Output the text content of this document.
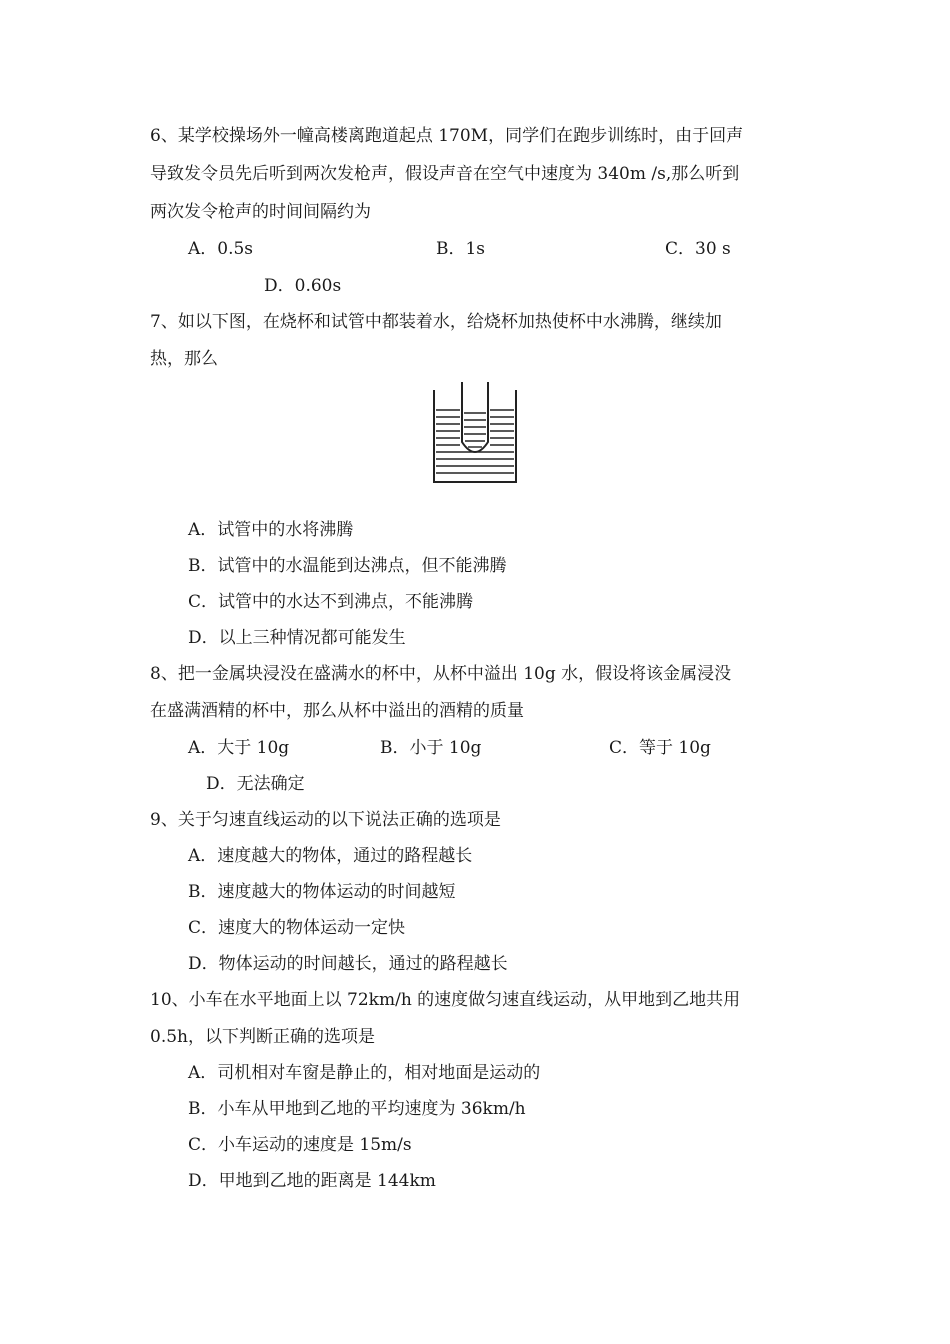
6、某学校操场外一幢高楼离跑道起点 170M，同学们在跑步训练时，由于回声
导致发令员先后听到两次发枪声，假设声音在空气中速度为 340m /s,那么听到
两次发令枪声的时间间隔约为
A．0.5s	B．1s	C．30 s
D．0.60s
7、如以下图，在烧杯和试管中都装着水，给烧杯加热使杯中水沸腾，继续加
热，那么
A．试管中的水将沸腾
B．试管中的水温能到达沸点，但不能沸腾
C．试管中的水达不到沸点，不能沸腾
D．以上三种情况都可能发生
8、把一金属块浸没在盛满水的杯中，从杯中溢出 10g 水，假设将该金属浸没
在盛满酒精的杯中，那么从杯中溢出的酒精的质量
A．大于 10g	B．小于 10g	C．等于 10g
D．无法确定
9、关于匀速直线运动的以下说法正确的选项是
A．速度越大的物体，通过的路程越长
B．速度越大的物体运动的时间越短
C．速度大的物体运动一定快
D．物体运动的时间越长，通过的路程越长
10、小车在水平地面上以 72km/h 的速度做匀速直线运动，从甲地到乙地共用
0.5h，以下判断正确的选项是
A．司机相对车窗是静止的，相对地面是运动的
B．小车从甲地到乙地的平均速度为 36km/h
C．小车运动的速度是 15m/s
D．甲地到乙地的距离是 144km
